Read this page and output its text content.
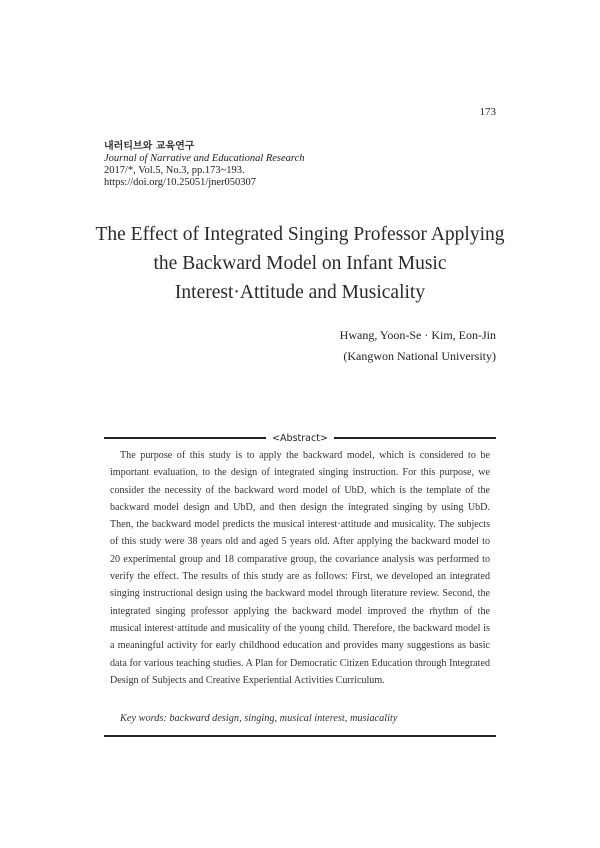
173
내러티브와 교육연구
Journal of Narrative and Educational Research
2017/*, Vol.5, No.3, pp.173~193.
https://doi.org/10.25051/jner050307
The Effect of Integrated Singing Professor Applying the Backward Model on Infant Music Interest·Attitude and Musicality
Hwang, Yoon-Se · Kim, Eon-Jin
(Kangwon National University)
<Abstract>
The purpose of this study is to apply the backward model, which is considered to be important evaluation, to the design of integrated singing instruction. For this purpose, we consider the necessity of the backward word model of UbD, which is the template of the backward model design and UbD, and then design the integrated singing by using UbD. Then, the backward model predicts the musical interest·attitude and musicality. The subjects of this study were 38 years old and aged 5 years old. After applying the backward model to 20 experimental group and 18 comparative group, the covariance analysis was performed to verify the effect. The results of this study are as follows: First, we developed an integrated singing instructional design using the backward model through literature review. Second, the integrated singing professor applying the backward model improved the rhythm of the musical interest·attitude and musicality of the young child. Therefore, the backward model is a meaningful activity for early childhood education and provides many suggestions as basic data for various teaching studies. A Plan for Democratic Citizen Education through Integrated Design of Subjects and Creative Experiential Activities Curriculum.
Key words: backward design, singing, musical interest, musiacality
